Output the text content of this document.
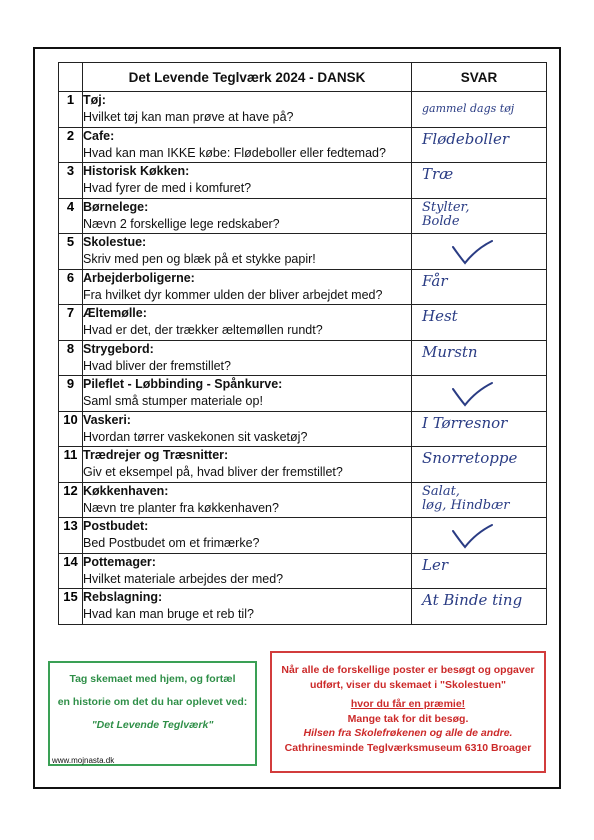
	Det Levende Teglværk 2024 - DANSK	SVAR
1	Tøj:
Hvilket tøj kan man prøve at have på?	gammel dags tøj

2	Cafe:
Hvad kan man IKKE købe: Flødeboller eller fedtemad?	Flødeboller

3	Historisk Køkken:
Hvad fyrer de med i komfuret?	Træ

4	Børnelege:
Nævn 2 forskellige lege redskaber?	Stylter,
Bolde

5	Skolestue:
Skriv med pen og blæk på et stykke papir!

6	Arbejderboligerne:
Fra hvilket dyr kommer ulden der bliver arbejdet med?	Får

7	Æltemølle:
Hvad er det, der trækker æltemøllen rundt?	Hest

8	Strygebord:
Hvad bliver der fremstillet?	Murstn

9	Pileflet - Løbbinding - Spånkurve:
Saml små stumper materiale op!

10	Vaskeri:
Hvordan tørrer vaskekonen sit vasketøj?	I Tørresnor

11	Trædrejer og Træsnitter:
Giv et eksempel på, hvad bliver der fremstillet?	Snorretoppe

12	Køkkenhaven:
Nævn tre planter fra køkkenhaven?	Salat,
løg, Hindbær

13	Postbudet:
Bed Postbudet om et frimærke?

14	Pottemager:
Hvilket materiale arbejdes der med?	Ler

15	Rebslagning:
Hvad kan man bruge et reb til?	At Binde ting
Tag skemaet med hjem, og fortæl
en historie om det du har oplevet ved:
"Det Levende Teglværk"
Når alle de forskellige poster er besøgt og opgaver
udført, viser du skemaet i "Skolestuen"
hvor du får en præmie!
Mange tak for dit besøg.
Hilsen fra Skolefrøkenen og alle de andre.
Cathrinesminde Teglværksmuseum 6310 Broager
www.mojnasta.dk
